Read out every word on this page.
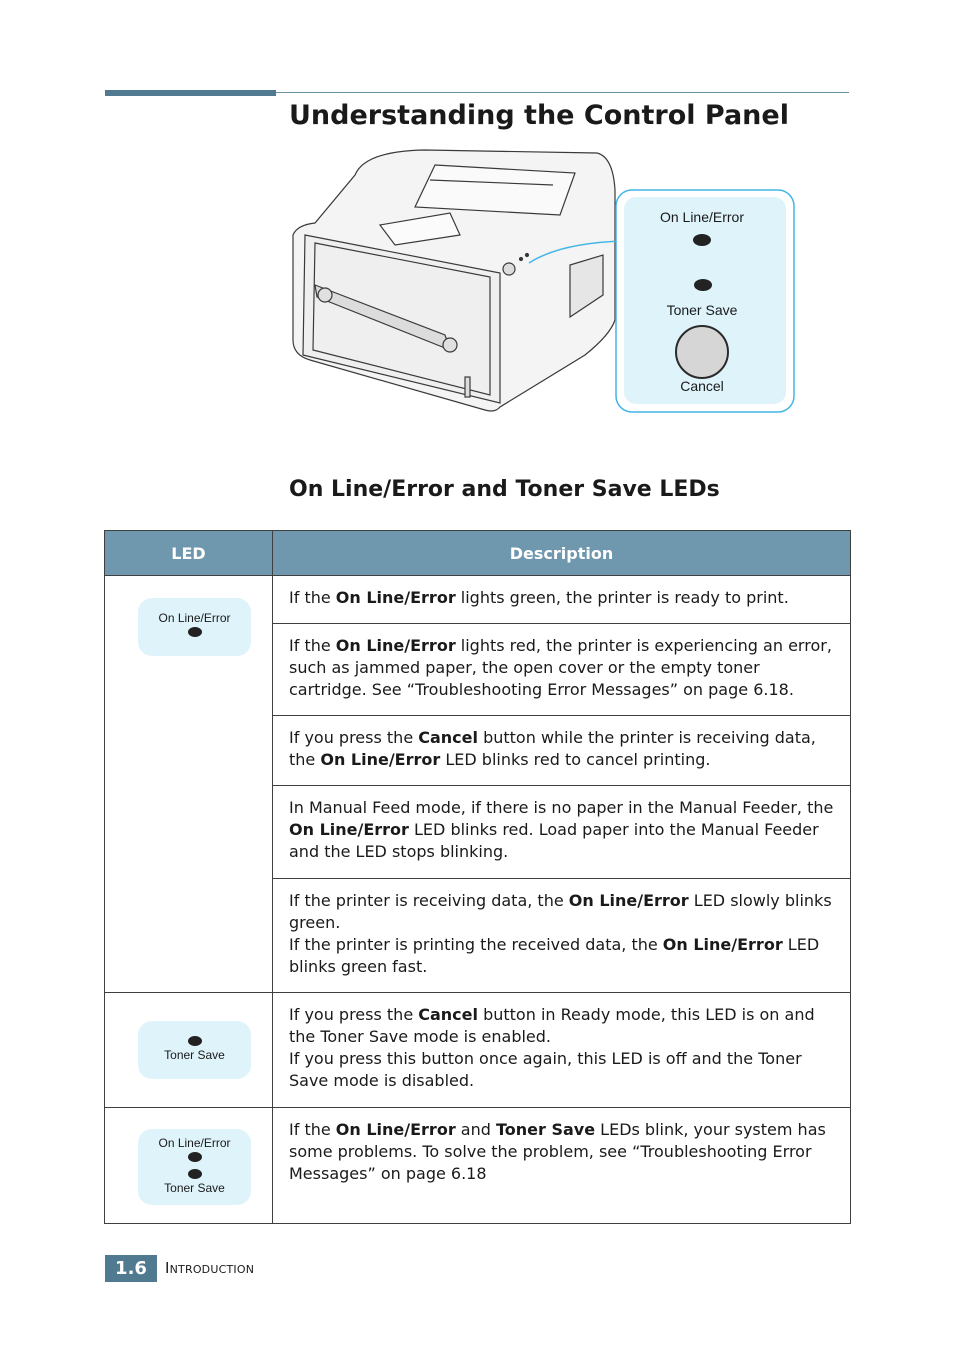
Understanding the Control Panel
On Line/Error
Toner Save
Cancel
On Line/Error and Toner Save LEDs
LED	Description

On Line/Error	If the On Line/Error lights green, the printer is ready to print.
	If the On Line/Error lights red, the printer is experiencing an error, such as jammed paper, the open cover or the empty toner cartridge. See “Troubleshooting Error Messages” on page 6.18.
	If you press the Cancel button while the printer is receiving data, the On Line/Error LED blinks red to cancel printing.
	In Manual Feed mode, if there is no paper in the Manual Feeder, the On Line/Error LED blinks red. Load paper into the Manual Feeder and the LED stops blinking.
	If the printer is receiving data, the On Line/Error LED slowly blinks green.
If the printer is printing the received data, the On Line/Error LED blinks green fast.

Toner Save	If you press the Cancel button in Ready mode, this LED is on and the Toner Save mode is enabled.
If you press this button once again, this LED is off and the Toner Save mode is disabled.

On Line/Error
Toner Save	If the On Line/Error and Toner Save LEDs blink, your system has some problems. To solve the problem, see “Troubleshooting Error Messages” on page 6.18
1.6	Introduction
